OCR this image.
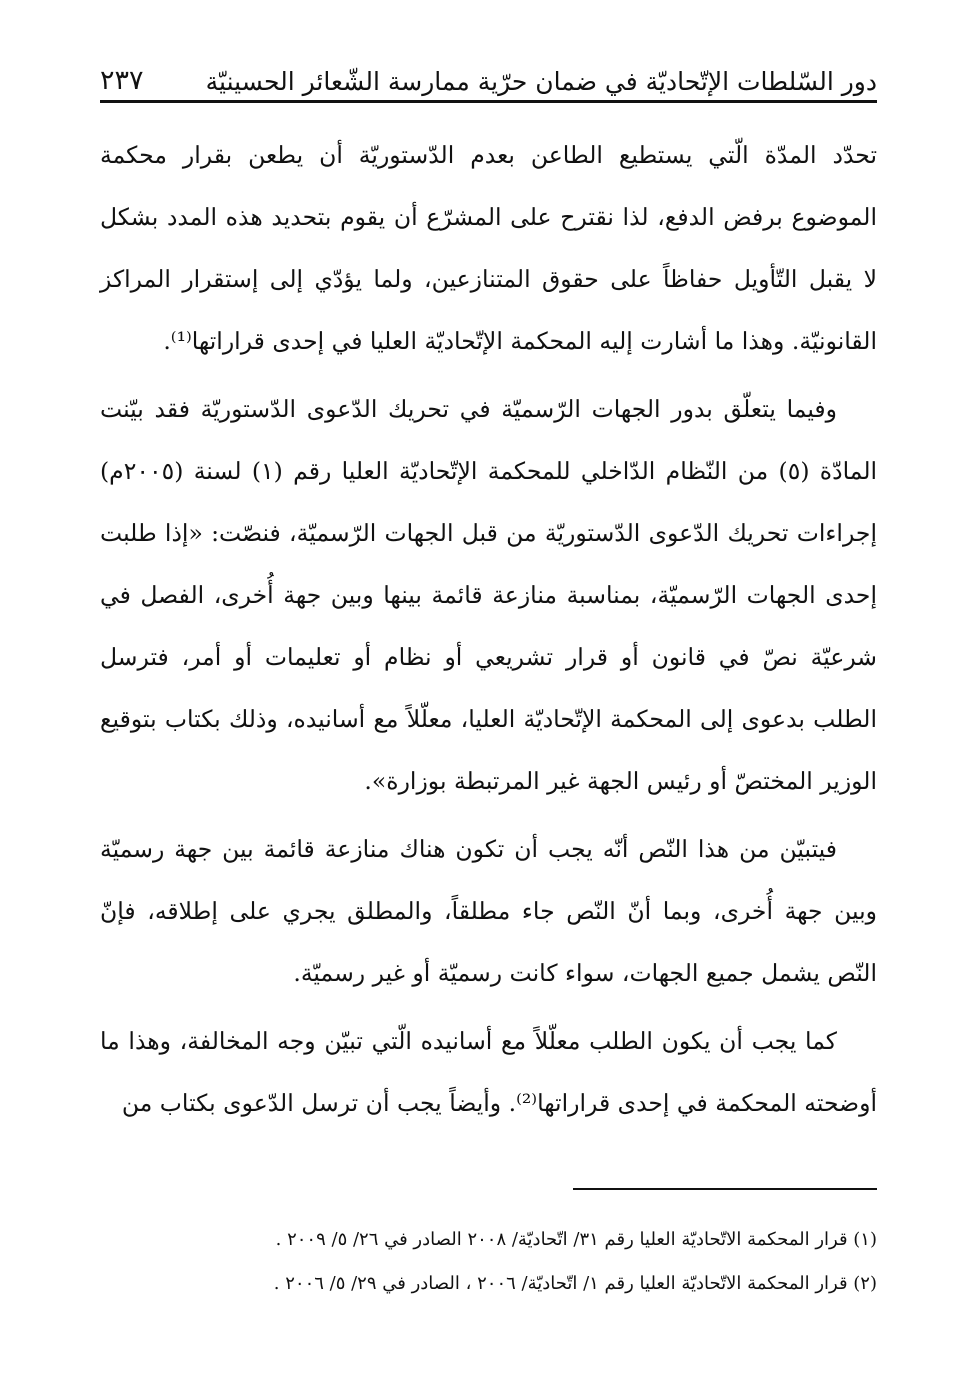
دور السّلطات الإتّحاديّة في ضمان حرّية ممارسة الشّعائر الحسينيّة
٢٣٧

تحدّد المدّة الّتي يستطيع الطاعن بعدم الدّستوريّة أن يطعن بقرار محكمة الموضوع برفض الدفع، لذا نقترح على المشرّع أن يقوم بتحديد هذه المدد بشكل لا يقبل التّأويل حفاظاً على حقوق المتنازعين، ولما يؤدّي إلى إستقرار المراكز القانونيّة. وهذا ما أشارت إليه المحكمة الإتّحاديّة العليا في إحدى قراراتها⁽¹⁾.

وفيما يتعلّق بدور الجهات الرّسميّة في تحريك الدّعوى الدّستوريّة فقد بيّنت المادّة (٥) من النّظام الدّاخلي للمحكمة الإتّحاديّة العليا رقم (١) لسنة (٢٠٠٥م) إجراءات تحريك الدّعوى الدّستوريّة من قبل الجهات الرّسميّة، فنصّت: «إذا طلبت إحدى الجهات الرّسميّة، بمناسبة منازعة قائمة بينها وبين جهة أُخرى، الفصل في شرعيّة نصّ في قانون أو قرار تشريعي أو نظام أو تعليمات أو أمر، فترسل الطلب بدعوى إلى المحكمة الإتّحاديّة العليا، معلّلاً مع أسانيده، وذلك بكتاب بتوقيع الوزير المختصّ أو رئيس الجهة غير المرتبطة بوزارة».

فيتبيّن من هذا النّص أنّه يجب أن تكون هناك منازعة قائمة بين جهة رسميّة وبين جهة أُخرى، وبما أنّ النّص جاء مطلقاً، والمطلق يجري على إطلاقه، فإنّ النّص يشمل جميع الجهات، سواء كانت رسميّة أو غير رسميّة.

كما يجب أن يكون الطلب معلّلاً مع أسانيده الّتي تبيّن وجه المخالفة، وهذا ما أوضحته المحكمة في إحدى قراراتها⁽²⁾. وأيضاً يجب أن ترسل الدّعوى بكتاب من

(١) قرار المحكمة الاتّحاديّة العليا رقم ٣١/ اتّحاديّة/ ٢٠٠٨ الصادر في ٢٦/ ٥/ ٢٠٠٩ .

(٢) قرار المحكمة الاتّحاديّة العليا رقم ١/ اتّحاديّة/ ٢٠٠٦ ، الصادر في ٢٩/ ٥/ ٢٠٠٦ .
